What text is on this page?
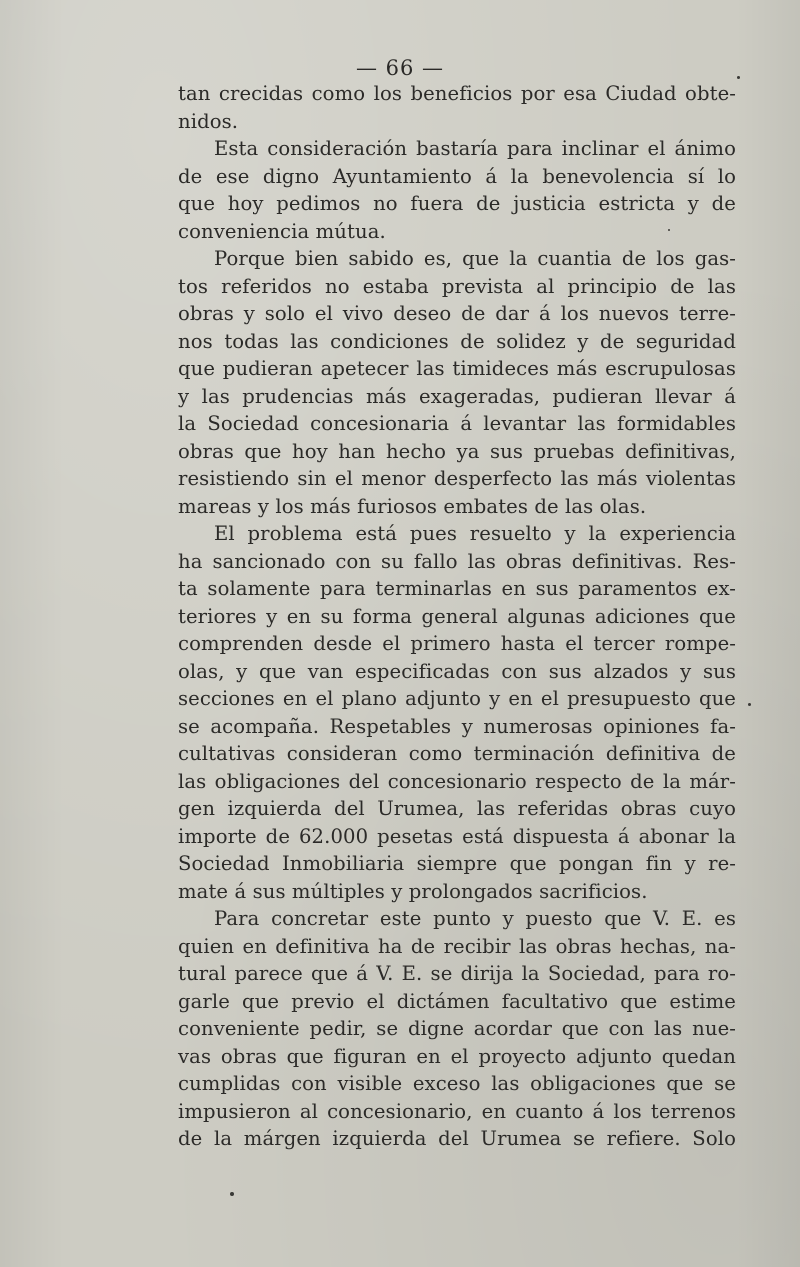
— 66 —
tan crecidas como los beneficios por esa Ciudad obte-
nidos.
Esta consideración bastaría para inclinar el ánimo
de ese digno Ayuntamiento á la benevolencia sí lo
que hoy pedimos no fuera de justicia estricta y de
conveniencia mútua.
Porque bien sabido es, que la cuantia de los gas-
tos referidos no estaba prevista al principio de las
obras y solo el vivo deseo de dar á los nuevos terre-
nos todas las condiciones de solidez y de seguridad
que pudieran apetecer las timideces más escrupulosas
y las prudencias más exageradas, pudieran llevar á
la Sociedad concesionaria á levantar las formidables
obras que hoy han hecho ya sus pruebas definitivas,
resistiendo sin el menor desperfecto las más violentas
mareas y los más furiosos embates de las olas.
El problema está pues resuelto y la experiencia
ha sancionado con su fallo las obras definitivas. Res-
ta solamente para terminarlas en sus paramentos ex-
teriores y en su forma general algunas adiciones que
comprenden desde el primero hasta el tercer rompe-
olas, y que van especificadas con sus alzados y sus
secciones en el plano adjunto y en el presupuesto que
se acompaña. Respetables y numerosas opiniones fa-
cultativas consideran como terminación definitiva de
las obligaciones del concesionario respecto de la már-
gen izquierda del Urumea, las referidas obras cuyo
importe de 62.000 pesetas está dispuesta á abonar la
Sociedad Inmobiliaria siempre que pongan fin y re-
mate á sus múltiples y prolongados sacrificios.
Para concretar este punto y puesto que V. E. es
quien en definitiva ha de recibir las obras hechas, na-
tural parece que á V. E. se dirija la Sociedad, para ro-
garle que previo el dictámen facultativo que estime
conveniente pedir, se digne acordar que con las nue-
vas obras que figuran en el proyecto adjunto quedan
cumplidas con visible exceso las obligaciones que se
impusieron al concesionario, en cuanto á los terrenos
de la márgen izquierda del Urumea se refiere. Solo
